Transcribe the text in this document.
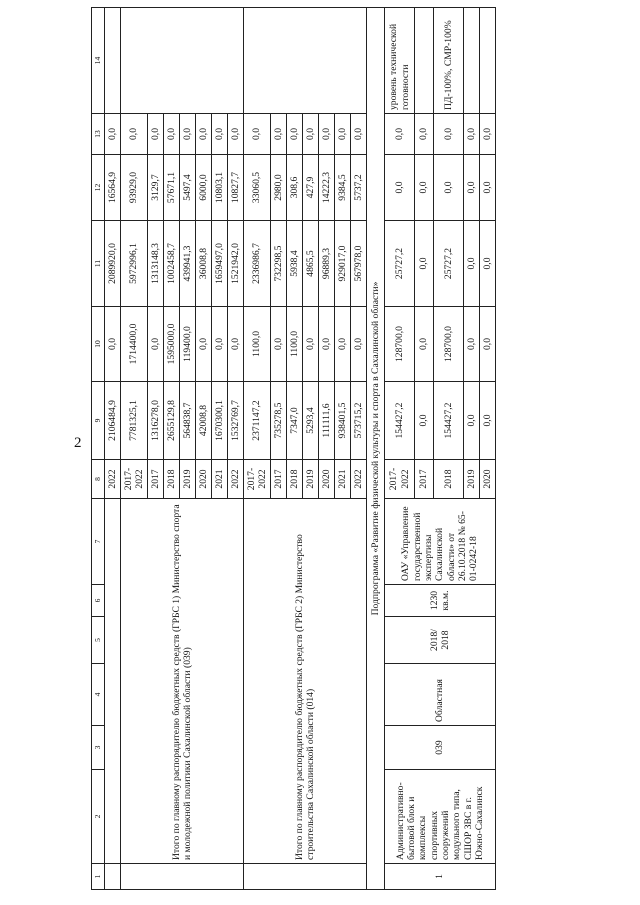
2
1	2	3	4	5	6	7	8	9	10	11	12	13	14
							2022	2106484,9	0,0	2089920,0	16564,9	0,0	
	Итого по главному распорядителю бюджетных средств (ГРБС 1) Министерство спорта и молодежной политики Сахалинской области (039)						2017-2022	7781325,1	1714400,0	5972996,1	93929,0	0,0	
							2017	1316278,0	0,0	1313148,3	3129,7	0,0	
							2018	2655129,8	1595000,0	1002458,7	57671,1	0,0	
							2019	564838,7	119400,0	439941,3	5497,4	0,0	
							2020	42008,8	0,0	36008,8	6000,0	0,0	
							2021	1670300,1	0,0	1659497,0	10803,1	0,0	
							2022	1532769,7	0,0	1521942,0	10827,7	0,0	
	Итого по главному распорядителю бюджетных средств (ГРБС 2) Министерство строительства Сахалинской области (014)						2017-2022	2371147,2	1100,0	2336986,7	33060,5	0,0	
							2017	735278,5	0,0	732298,5	2980,0	0,0	
							2018	7347,0	1100,0	5938,4	308,6	0,0	
							2019	5293,4	0,0	4865,5	427,9	0,0	
							2020	111111,6	0,0	96889,3	14222,3	0,0	
							2021	938401,5	0,0	929017,0	9384,5	0,0	
							2022	573715,2	0,0	567978,0	5737,2	0,0	
Подпрограмма «Развитие физической культуры и спорта в Сахалинской области»													
1	Административно-бытовой блок и комплексы спортивных сооружений модульного типа, СШОР ЗВС в г. Южно-Сахалинск	039	Областная	2018/ 2018	1230 кв.м.	ОАУ «Управление государственной экспертизы Сахалинской области» от 26.10.2018 № 65-01-0242-18	2017-2022	154427,2	128700,0	25727,2	0,0	0,0	уровень технической готовности
							2017	0,0	0,0	0,0	0,0	0,0	
							2018	154427,2	128700,0	25727,2	0,0	0,0	ПД-100%, СМР-100%
							2019	0,0	0,0	0,0	0,0	0,0	
							2020	0,0	0,0	0,0	0,0	0,0	
